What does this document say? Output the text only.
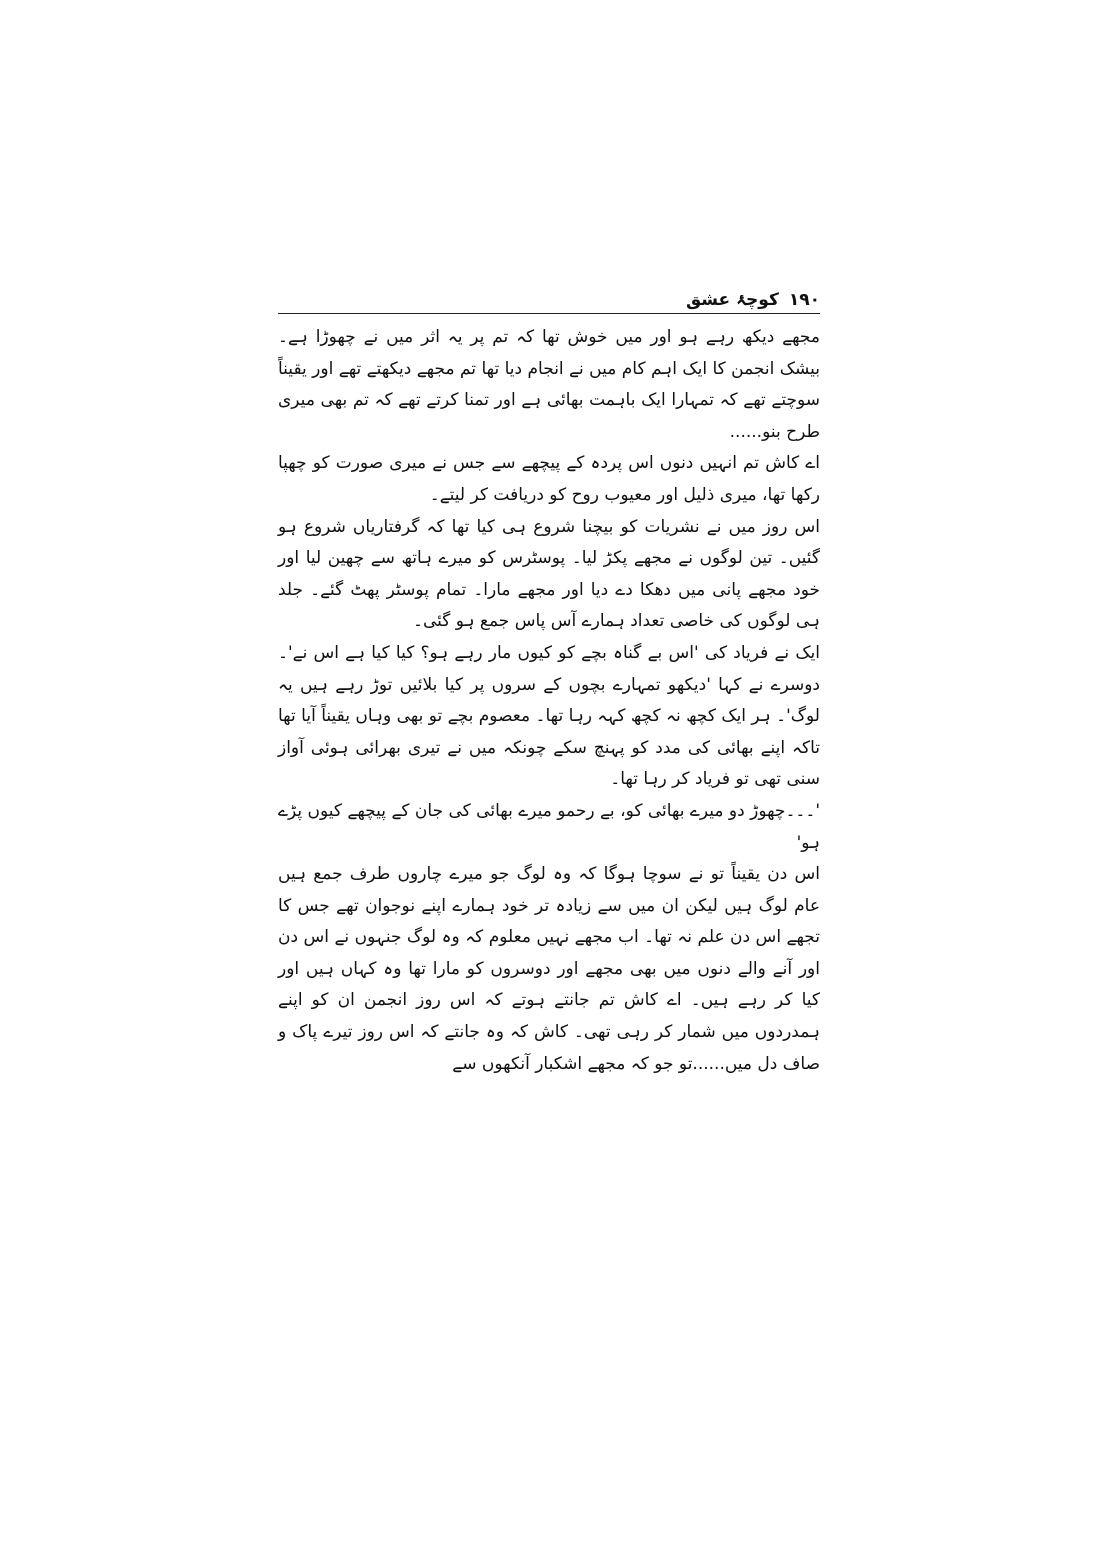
١٩٠
کوچۂ عشق

مجھے دیکھ رہے ہو اور میں خوش تھا کہ تم پر یہ اثر میں نے چھوڑا ہے۔ بیشک انجمن کا ایک اہم کام میں نے انجام دیا تھا تم مجھے دیکھتے تھے اور یقیناً سوچتے تھے کہ تمہارا ایک باہمت بھائی ہے اور تمنا کرتے تھے کہ تم بھی میری طرح بنو......

اے کاش تم انہیں دنوں اس پردہ کے پیچھے سے جس نے میری صورت کو چھپا رکھا تھا، میری ذلیل اور معیوب روح کو دریافت کر لیتے۔

اس روز میں نے نشریات کو بیچنا شروع ہی کیا تھا کہ گرفتاریاں شروع ہو گئیں۔ تین لوگوں نے مجھے پکڑ لیا۔ پوسٹرس کو میرے ہاتھ سے چھین لیا اور خود مجھے پانی میں دھکا دے دیا اور مجھے مارا۔ تمام پوسٹر پھٹ گئے۔ جلد ہی لوگوں کی خاصی تعداد ہمارے آس پاس جمع ہو گئی۔

ایک نے فریاد کی 'اس بے گناہ بچے کو کیوں مار رہے ہو؟ کیا کیا ہے اس نے'۔ دوسرے نے کہا 'دیکھو تمہارے بچوں کے سروں پر کیا بلائیں توڑ رہے ہیں یہ لوگ'۔ ہر ایک کچھ نہ کچھ کہہ رہا تھا۔ معصوم بچے تو بھی وہاں یقیناً آیا تھا تاکہ اپنے بھائی کی مدد کو پہنچ سکے چونکہ میں نے تیری بھرائی ہوئی آواز سنی تھی تو فریاد کر رہا تھا۔

'۔۔۔چھوڑ دو میرے بھائی کو، بے رحمو میرے بھائی کی جان کے پیچھے کیوں پڑے ہو'

اس دن یقیناً تو نے سوچا ہوگا کہ وہ لوگ جو میرے چاروں طرف جمع ہیں عام لوگ ہیں لیکن ان میں سے زیادہ تر خود ہمارے اپنے نوجوان تھے جس کا تجھے اس دن علم نہ تھا۔ اب مجھے نہیں معلوم کہ وہ لوگ جنہوں نے اس دن اور آنے والے دنوں میں بھی مجھے اور دوسروں کو مارا تھا وہ کہاں ہیں اور کیا کر رہے ہیں۔ اے کاش تم جانتے ہوتے کہ اس روز انجمن ان کو اپنے ہمدردوں میں شمار کر رہی تھی۔ کاش کہ وہ جانتے کہ اس روز تیرے پاک و صاف دل میں......تو جو کہ مجھے اشکبار آنکھوں سے
